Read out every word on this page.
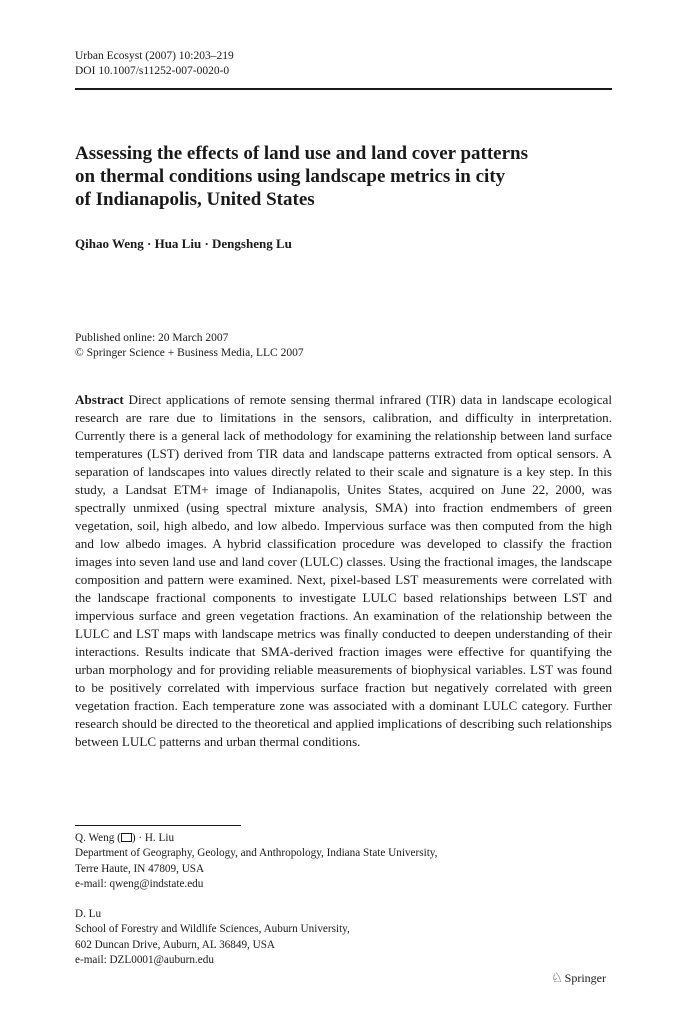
Urban Ecosyst (2007) 10:203–219
DOI 10.1007/s11252-007-0020-0
Assessing the effects of land use and land cover patterns
on thermal conditions using landscape metrics in city
of Indianapolis, United States
Qihao Weng · Hua Liu · Dengsheng Lu
Published online: 20 March 2007
© Springer Science + Business Media, LLC 2007

Abstract Direct applications of remote sensing thermal infrared (TIR) data in landscape ecological research are rare due to limitations in the sensors, calibration, and difficulty in interpretation. Currently there is a general lack of methodology for examining the relationship between land surface temperatures (LST) derived from TIR data and landscape patterns extracted from optical sensors. A separation of landscapes into values directly related to their scale and signature is a key step. In this study, a Landsat ETM+ image of Indianapolis, Unites States, acquired on June 22, 2000, was spectrally unmixed (using spectral mixture analysis, SMA) into fraction endmembers of green vegetation, soil, high albedo, and low albedo. Impervious surface was then computed from the high and low albedo images. A hybrid classification procedure was developed to classify the fraction images into seven land use and land cover (LULC) classes. Using the fractional images, the landscape composition and pattern were examined. Next, pixel-based LST measurements were correlated with the landscape fractional components to investigate LULC based relationships between LST and impervious surface and green vegetation fractions. An examination of the relationship between the LULC and LST maps with landscape metrics was finally conducted to deepen understanding of their interactions. Results indicate that SMA-derived fraction images were effective for quantifying the urban morphology and for providing reliable measurements of biophysical variables. LST was found to be positively correlated with impervious surface fraction but negatively correlated with green vegetation fraction. Each temperature zone was associated with a dominant LULC category. Further research should be directed to the theoretical and applied implications of describing such relationships between LULC patterns and urban thermal conditions.

Q. Weng ( ) · H. Liu
Department of Geography, Geology, and Anthropology, Indiana State University,
Terre Haute, IN 47809, USA
e-mail: qweng@indstate.edu
D. Lu
School of Forestry and Wildlife Sciences, Auburn University,
602 Duncan Drive, Auburn, AL 36849, USA
e-mail: DZL0001@auburn.edu
♘ Springer
